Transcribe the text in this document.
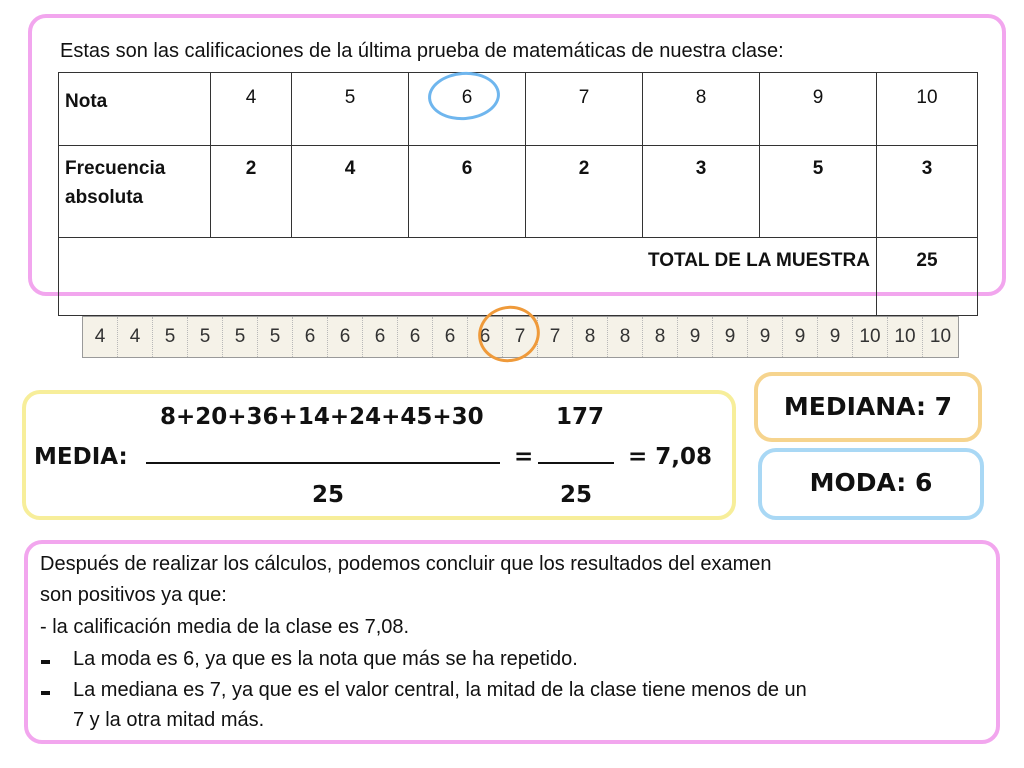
Estas son las calificaciones de la última prueba de matemáticas de nuestra clase:
Nota	4	5	6	7	8	9	10
Frecuencia
absoluta	2	4	6	2	3	5	3
TOTAL DE LA MUESTRA							25
4	4	5	5	5	5	6	6	6	6	6	6	7	7	8	8	8	9	9	9	9	9	10 10 10
8+20+36+14+24+45+30
MEDIA:
25
=
177
25
= 7,08
MEDIANA: 7
MODA: 6
Después de realizar los cálculos, podemos concluir que los resultados del examen
son positivos ya que:
- la calificación media de la clase es 7,08.
La moda es 6, ya que es la nota que más se ha repetido.
La mediana es 7, ya que es el valor central, la mitad de la clase tiene menos de un
7 y la otra mitad más.
